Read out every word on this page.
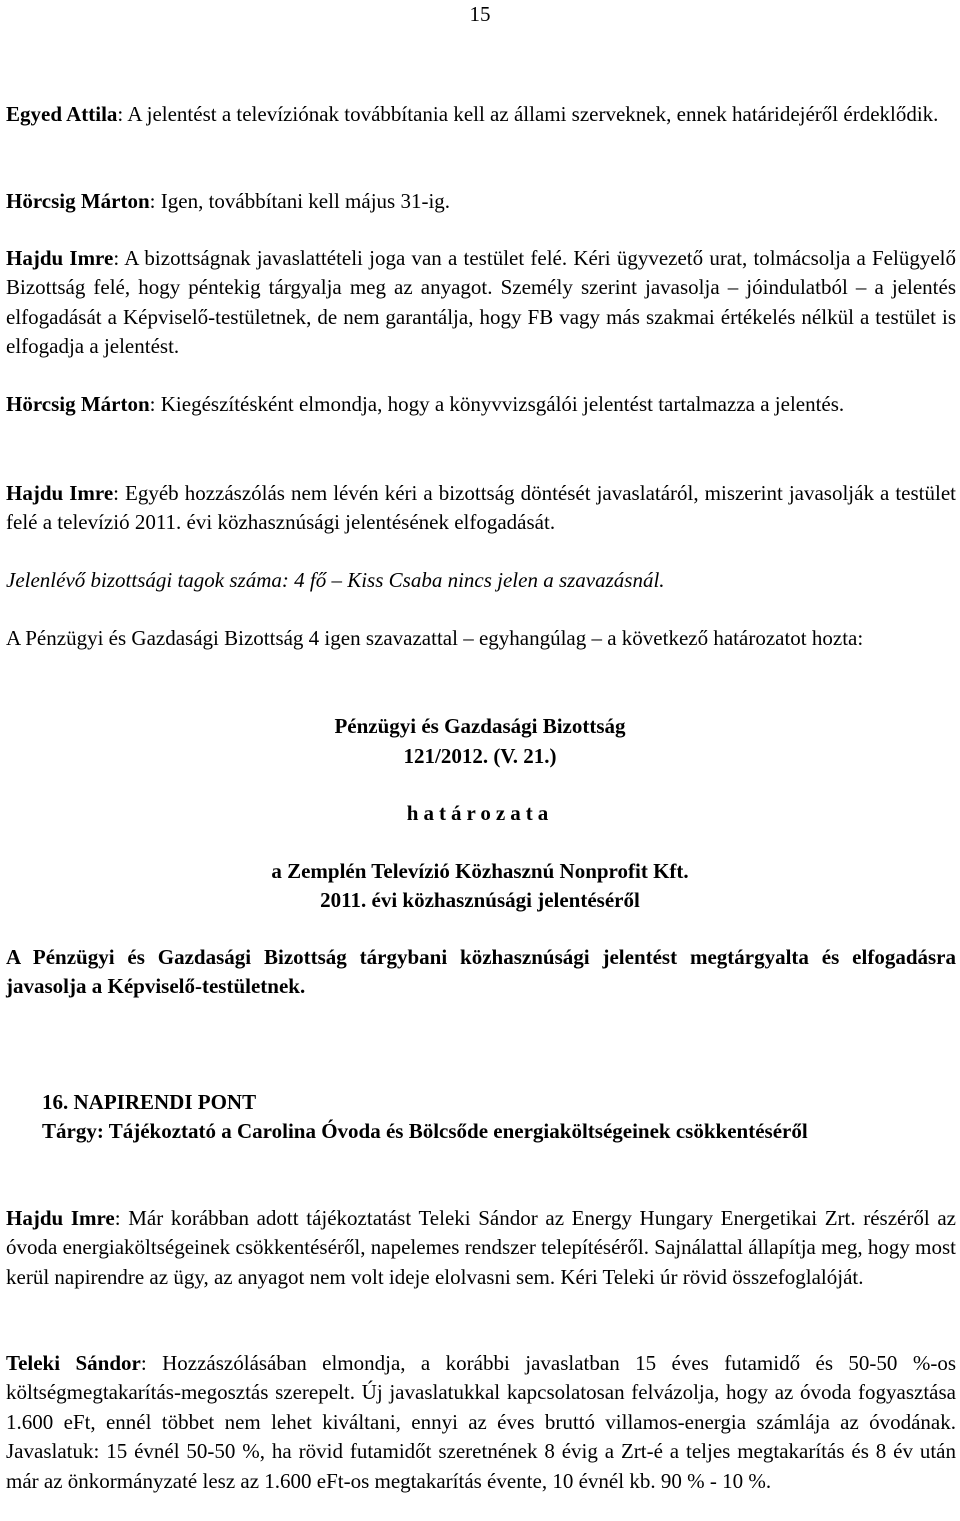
15

Egyed Attila: A jelentést a televíziónak továbbítania kell az állami szerveknek, ennek határidejéről érdeklődik.

Hörcsig Márton: Igen, továbbítani kell május 31-ig.

Hajdu Imre: A bizottságnak javaslattételi joga van a testület felé. Kéri ügyvezető urat, tolmácsolja a Felügyelő Bizottság felé, hogy péntekig tárgyalja meg az anyagot. Személy szerint javasolja – jóindulatból – a jelentés elfogadását a Képviselő-testületnek, de nem garantálja, hogy FB vagy más szakmai értékelés nélkül a testület is elfogadja a jelentést.

Hörcsig Márton: Kiegészítésként elmondja, hogy a könyvvizsgálói jelentést tartalmazza a jelentés.

Hajdu Imre: Egyéb hozzászólás nem lévén kéri a bizottság döntését javaslatáról, miszerint javasolják a testület felé a televízió 2011. évi közhasznúsági jelentésének elfogadását.

Jelenlévő bizottsági tagok száma: 4 fő – Kiss Csaba nincs jelen a szavazásnál.

A Pénzügyi és Gazdasági Bizottság 4 igen szavazattal – egyhangúlag – a következő határozatot hozta:

Pénzügyi és Gazdasági Bizottság

121/2012. (V. 21.)

határozata

a Zemplén Televízió Közhasznú Nonprofit Kft.

2011. évi közhasznúsági jelentéséről

A Pénzügyi és Gazdasági Bizottság tárgybani közhasznúsági jelentést megtárgyalta és elfogadásra javasolja a Képviselő-testületnek.

16. NAPIRENDI PONT

Tárgy: Tájékoztató a Carolina Óvoda és Bölcsőde energiaköltségeinek csökkentéséről

Hajdu Imre: Már korábban adott tájékoztatást Teleki Sándor az Energy Hungary Energetikai Zrt. részéről az óvoda energiaköltségeinek csökkentéséről, napelemes rendszer telepítéséről. Sajnálattal állapítja meg, hogy most kerül napirendre az ügy, az anyagot nem volt ideje elolvasni sem. Kéri Teleki úr rövid összefoglalóját.

Teleki Sándor: Hozzászólásában elmondja, a korábbi javaslatban 15 éves futamidő és 50-50 %-os költségmegtakarítás-megosztás szerepelt. Új javaslatukkal kapcsolatosan felvázolja, hogy az óvoda fogyasztása 1.600 eFt, ennél többet nem lehet kiváltani, ennyi az éves bruttó villamos-energia számlája az óvodának. Javaslatuk: 15 évnél 50-50 %, ha rövid futamidőt szeretnének 8 évig a Zrt-é a teljes megtakarítás és 8 év után már az önkormányzaté lesz az 1.600 eFt-os megtakarítás évente, 10 évnél kb. 90 % - 10 %.
